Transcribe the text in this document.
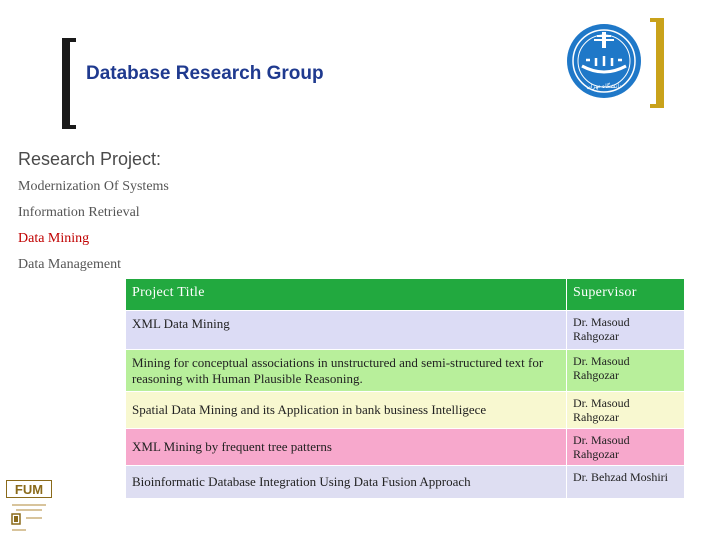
Database Research Group
دانشگاه تهران
Research Project:
Modernization Of Systems
Information Retrieval
Data Mining
Data Management
Project Title	Supervisor
XML Data Mining	Dr. Masoud Rahgozar
Mining for conceptual associations in unstructured and semi-structured text for reasoning with Human Plausible Reasoning.	Dr. Masoud Rahgozar
Spatial Data Mining and its Application in bank business Intelligece	Dr. Masoud Rahgozar
XML Mining by frequent tree patterns	Dr. Masoud Rahgozar
Bioinformatic Database Integration Using Data Fusion Approach	Dr. Behzad Moshiri
FUM
